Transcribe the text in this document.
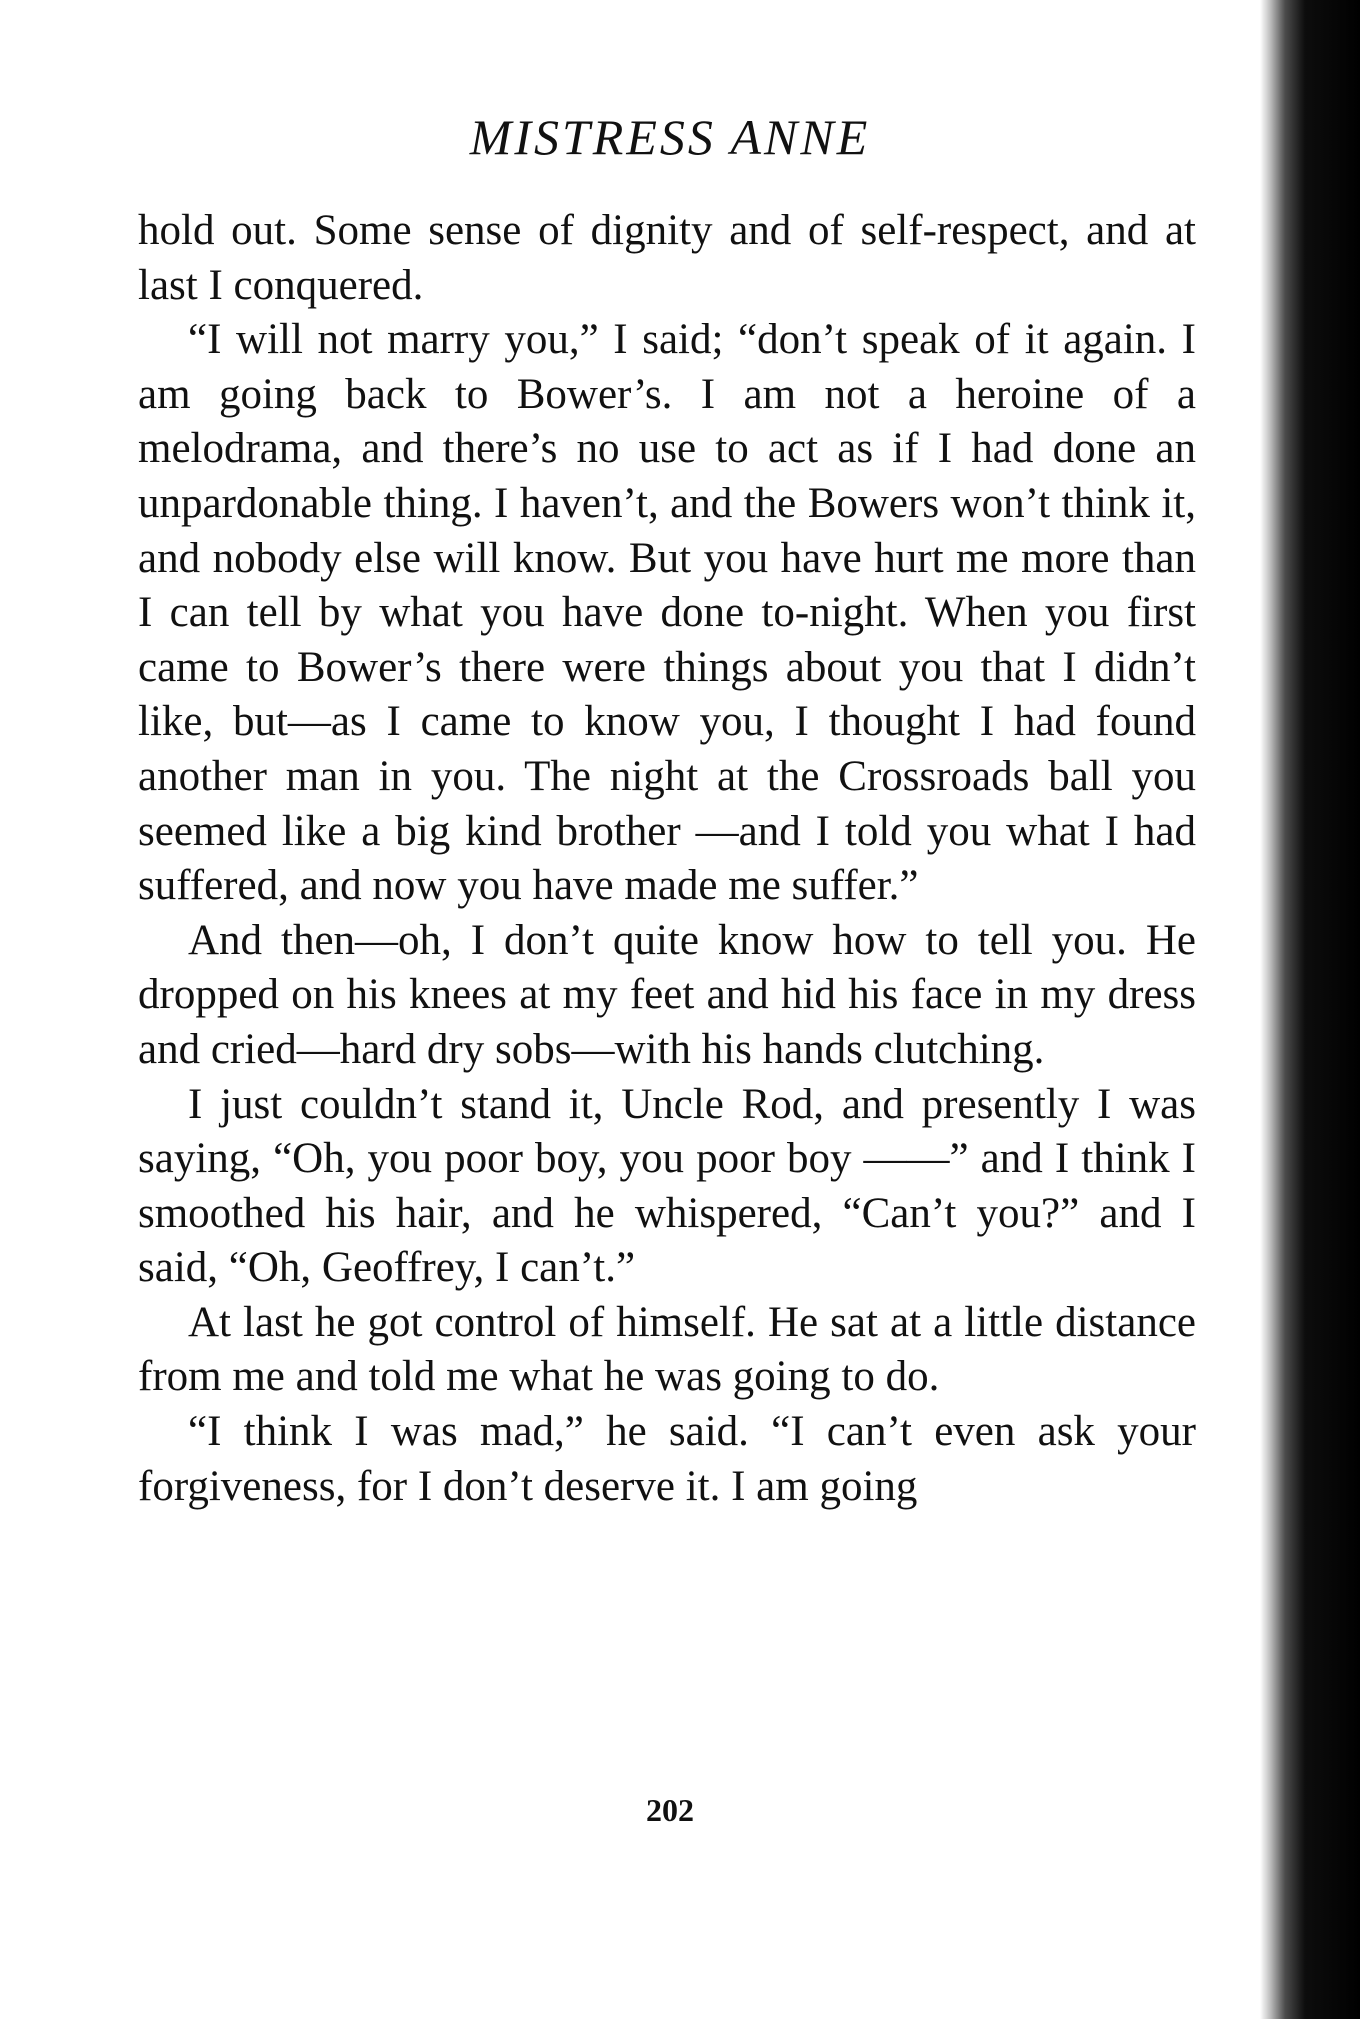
MISTRESS ANNE

hold out. Some sense of dignity and of self-respect, and at last I conquered.

“I will not marry you,” I said; “don’t speak of it again. I am going back to Bower’s. I am not a heroine of a melodrama, and there’s no use to act as if I had done an unpardonable thing. I haven’t, and the Bowers won’t think it, and nobody else will know. But you have hurt me more than I can tell by what you have done to-night. When you first came to Bower’s there were things about you that I didn’t like, but—as I came to know you, I thought I had found another man in you. The night at the Crossroads ball you seemed like a big kind brother —and I told you what I had suffered, and now you have made me suffer.”

And then—oh, I don’t quite know how to tell you. He dropped on his knees at my feet and hid his face in my dress and cried—hard dry sobs—with his hands clutching.

I just couldn’t stand it, Uncle Rod, and presently I was saying, “Oh, you poor boy, you poor boy ——” and I think I smoothed his hair, and he whispered, “Can’t you?” and I said, “Oh, Geoffrey, I can’t.”

At last he got control of himself. He sat at a little distance from me and told me what he was going to do.

“I think I was mad,” he said. “I can’t even ask your forgiveness, for I don’t deserve it. I am going

202
